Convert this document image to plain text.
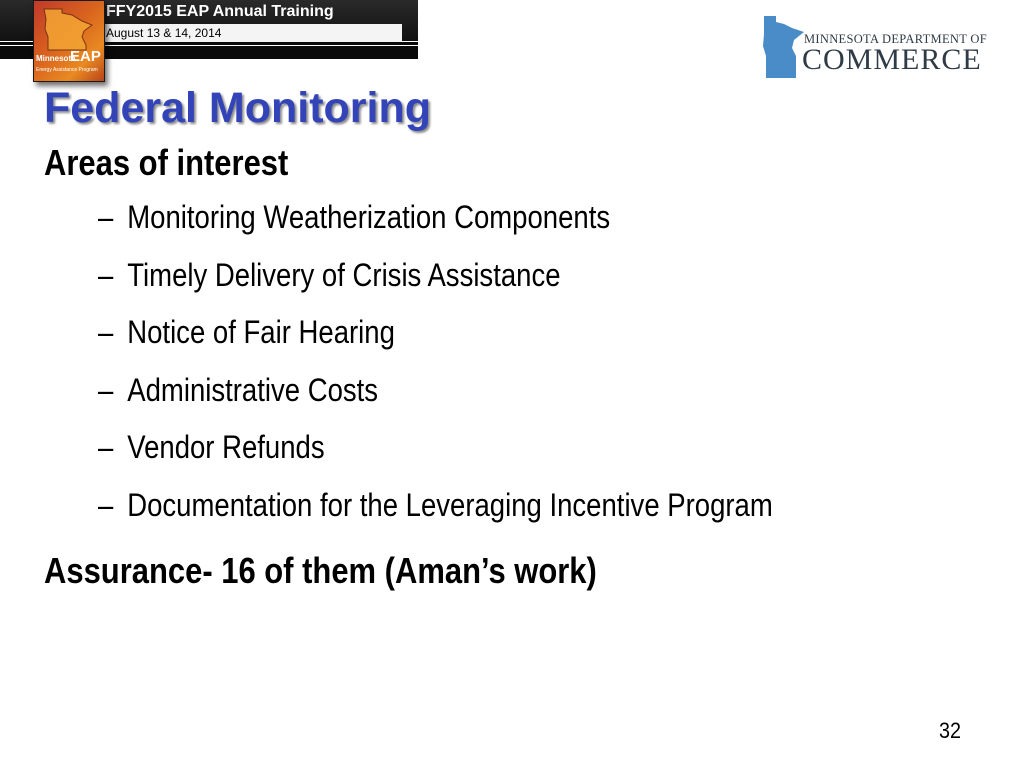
FFY2015 EAP Annual Training
August 13 & 14, 2014
Minnesota
EAP
Energy Assistance Program
MINNESOTA DEPARTMENT OF
COMMERCE
Federal Monitoring
Areas of interest
– Monitoring Weatherization Components
– Timely Delivery of Crisis Assistance
– Notice of Fair Hearing
– Administrative Costs
– Vendor Refunds
– Documentation for the Leveraging Incentive Program
Assurance- 16 of them (Aman’s work)
32
